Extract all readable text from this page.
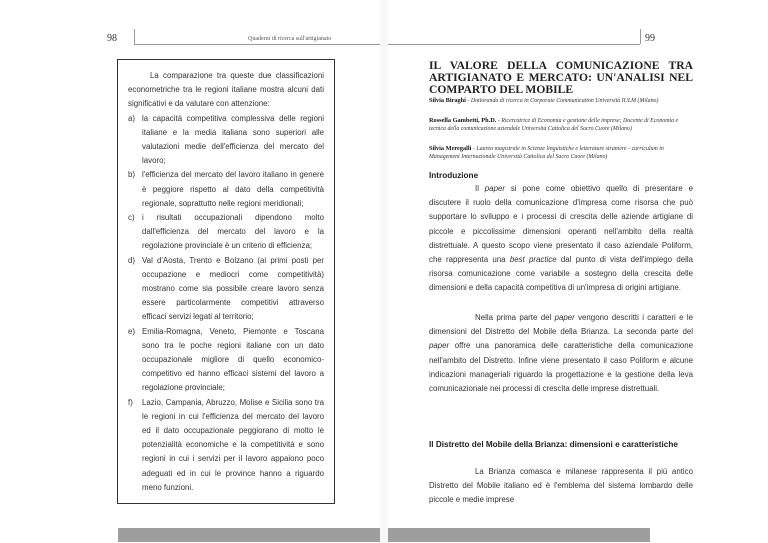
98	Quaderni di ricerca sull'artigianato

La comparazione tra queste due classificazioni econometriche tra le regioni italiane mostra alcuni dati significativi e da valutare con attenzione:

a) la capacità competitiva complessiva delle regioni italiane e la media italiana sono superiori alle valutazioni medie dell'efficienza del mercato del lavoro;
b) l'efficienza del mercato del lavoro italiano in genere è peggiore rispetto al dato della competitività regionale, soprattutto nelle regioni meridionali;
c) i risultati occupazionali dipendono molto dall'efficienza del mercato del lavoro e la regolazione provinciale è un criterio di efficienza;
d) Val d'Aosta, Trento e Bolzano (ai primi posti per occupazione e mediocri come competitività) mostrano come sia possibile creare lavoro senza essere particolarmente competitivi attraverso efficaci servizi legati al territorio;
e) Emilia-Romagna, Veneto, Piemonte e Toscana sono tra le poche regioni italiane con un dato occupazionale migliore di quello economico-competitivo ed hanno efficaci sistemi del lavoro a regolazione provinciale;
f) Lazio, Campania, Abruzzo, Molise e Sicilia sono tra le regioni in cui l'efficienza del mercato del lavoro ed il dato occupazionale peggiorano di molto le potenzialità economiche e la competitività e sono regioni in cui i servizi per il lavoro appaiono poco adeguati ed in cui le province hanno a riguardo meno funzioni.
99
IL VALORE DELLA COMUNICAZIONE TRA ARTIGIANATO E MERCATO: UN'ANALISI NEL COMPARTO DEL MOBILE
Silvia Biraghi - Dottoranda di ricerca in Corporate Communication Università IULM (Milano)
Rossella Gambetti, Ph.D. - Ricercatrice di Economia e gestione delle imprese; Docente di Economia e tecnica della comunicazione aziendale Università Cattolica del Sacro Cuore (Milano)
Silvia Meregalli - Laurea magistrale in Scienze linguistiche e letterature straniere - curriculum in Management Internazionale Università Cattolica del Sacro Cuore (Milano)
Introduzione

Il paper si pone come obiettivo quello di presentare e discutere il ruolo della comunicazione d'impresa come risorsa che può supportare lo sviluppo e i processi di crescita delle aziende artigiane di piccole e piccolissime dimensioni operanti nell'ambito della realtà distrettuale. A questo scopo viene presentato il caso aziendale Poliform, che rappresenta una best practice dal punto di vista dell'impiego della risorsa comunicazione come variabile a sostegno della crescita delle dimensioni e della capacità competitiva di un'impresa di origini artigiane.

Nella prima parte del paper vengono descritti i caratteri e le dimensioni del Distretto del Mobile della Brianza. La seconda parte del paper offre una panoramica delle caratteristiche della comunicazione nell'ambito del Distretto. Infine viene presentato il caso Poliform e alcune indicazioni manageriali riguardo la progettazione e la gestione della leva comunicazionale nei processi di crescita delle imprese distrettuali.

Il Distretto del Mobile della Brianza: dimensioni e caratteristiche

La Brianza comasca e milanese rappresenta il più antico Distretto del Mobile italiano ed è l'emblema del sistema lombardo delle piccole e medie imprese
